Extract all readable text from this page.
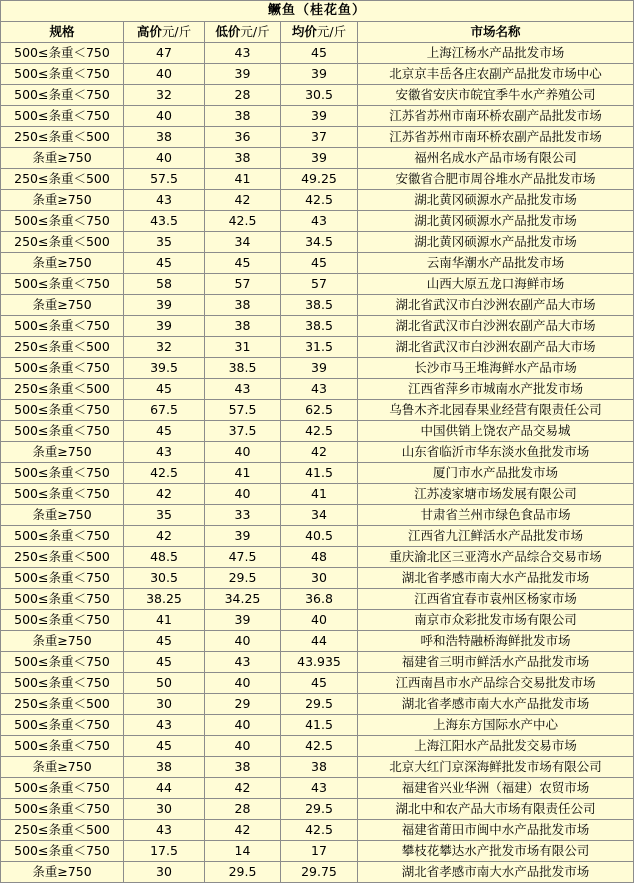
鳜鱼（桂花鱼）				
规格	高价元/斤	低价元/斤	均价元/斤	市场名称
500≤条重＜750	47	43	45	上海江杨水产品批发市场
500≤条重＜750	40	39	39	北京京丰岳各庄农副产品批发市场中心
500≤条重＜750	32	28	30.5	安徽省安庆市皖宜季牛水产养殖公司
500≤条重＜750	40	38	39	江苏省苏州市南环桥农副产品批发市场
250≤条重＜500	38	36	37	江苏省苏州市南环桥农副产品批发市场
条重≥750	40	38	39	福州名成水产品市场有限公司
250≤条重＜500	57.5	41	49.25	安徽省合肥市周谷堆水产品批发市场
条重≥750	43	42	42.5	湖北黄冈硕源水产品批发市场
500≤条重＜750	43.5	42.5	43	湖北黄冈硕源水产品批发市场
250≤条重＜500	35	34	34.5	湖北黄冈硕源水产品批发市场
条重≥750	45	45	45	云南华潮水产品批发市场
500≤条重＜750	58	57	57	山西大原五龙口海鲜市场
条重≥750	39	38	38.5	湖北省武汉市白沙洲农副产品大市场
500≤条重＜750	39	38	38.5	湖北省武汉市白沙洲农副产品大市场
250≤条重＜500	32	31	31.5	湖北省武汉市白沙洲农副产品大市场
500≤条重＜750	39.5	38.5	39	长沙市马王堆海鲜水产品市场
250≤条重＜500	45	43	43	江西省萍乡市城南水产批发市场
500≤条重＜750	67.5	57.5	62.5	乌鲁木齐北园春果业经营有限责任公司
500≤条重＜750	45	37.5	42.5	中国供销上饶农产品交易城
条重≥750	43	40	42	山东省临沂市华东淡水鱼批发市场
500≤条重＜750	42.5	41	41.5	厦门市水产品批发市场
500≤条重＜750	42	40	41	江苏凌家塘市场发展有限公司
条重≥750	35	33	34	甘肃省兰州市绿色食品市场
500≤条重＜750	42	39	40.5	江西省九江鲜活水产品批发市场
250≤条重＜500	48.5	47.5	48	重庆渝北区三亚湾水产品综合交易市场
500≤条重＜750	30.5	29.5	30	湖北省孝感市南大水产品批发市场
500≤条重＜750	38.25	34.25	36.8	江西省宜春市袁州区杨家市场
500≤条重＜750	41	39	40	南京市众彩批发市场有限公司
条重≥750	45	40	44	呼和浩特融桥海鲜批发市场
500≤条重＜750	45	43	43.935	福建省三明市鲜活水产品批发市场
500≤条重＜750	50	40	45	江西南昌市水产品综合交易批发市场
250≤条重＜500	30	29	29.5	湖北省孝感市南大水产品批发市场
500≤条重＜750	43	40	41.5	上海东方国际水产中心
500≤条重＜750	45	40	42.5	上海江阳水产品批发交易市场
条重≥750	38	38	38	北京大红门京深海鲜批发市场有限公司
500≤条重＜750	44	42	43	福建省兴业华洲（福建）农贸市场
500≤条重＜750	30	28	29.5	湖北中和农产品大市场有限责任公司
250≤条重＜500	43	42	42.5	福建省莆田市闽中水产品批发市场
500≤条重＜750	17.5	14	17	攀枝花攀达水产批发市场有限公司
条重≥750	30	29.5	29.75	湖北省孝感市南大水产品批发市场
